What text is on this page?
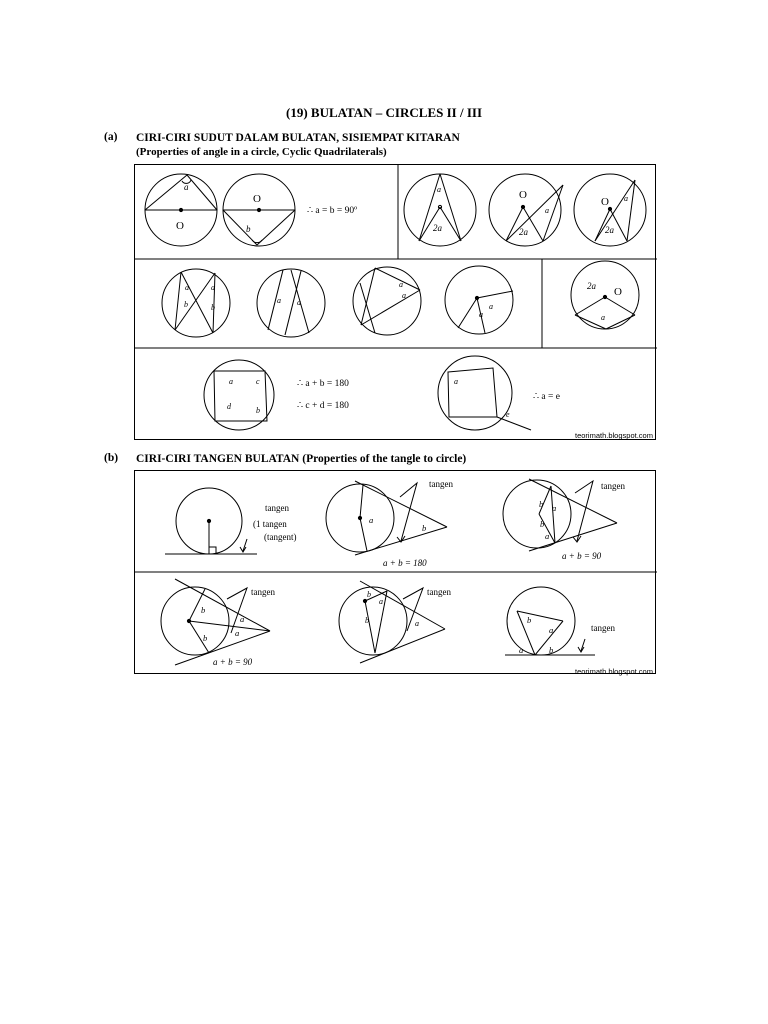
(19) BULATAN – CIRCLES II / III
(a) CIRI-CIRI SUDUT DALAM BULATAN, SISIEMPAT KITARAN
(Properties of angle in a circle, Cyclic Quadrilaterals)
a
O
O
b
∴ a = b = 90º
a
2a
O
a
2a
O a
2a
a
b
a
b
a a
a
a
a
a
2a O
a
a	c
d	b
∴ a + b = 180
∴ c + d = 180
a
e
∴ a = e
teorimath.blogspot.com
(b) CIRI-CIRI TANGEN BULATAN (Properties of the tangle to circle)
tangen
(1 tangen
(tangent)
a
b
tangen
a + b = 180
b a
b
a
tangen
a + b = 90
b
b
a
a
tangen
a + b = 90
b
a
b	a
tangen
b
a
a	b
tangen
teorimath.blogspot.com
